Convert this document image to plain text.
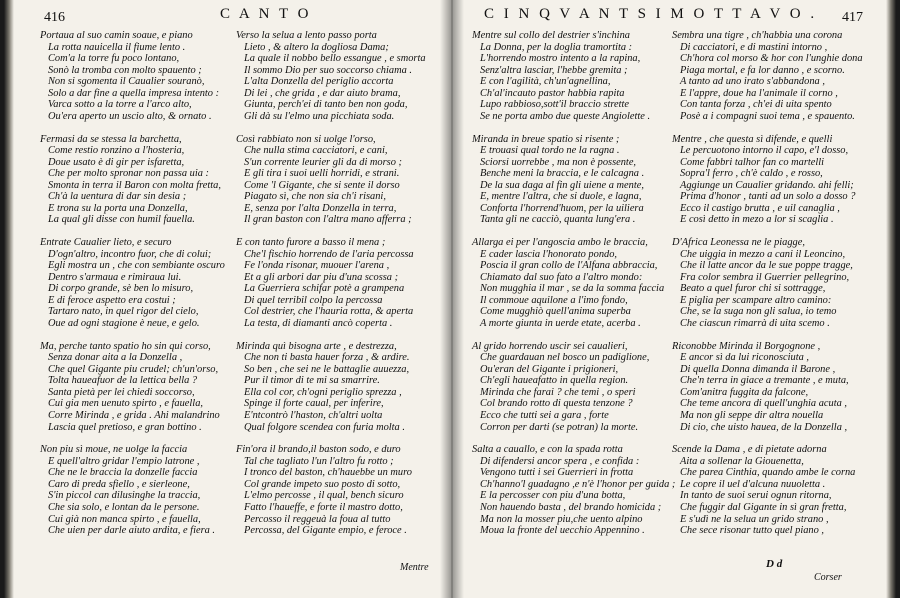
416	C A N T O
Portaua al suo camin soaue, e piano
La rotta nauicella il fiume lento .
Com'a la torre fu poco lontano,
Sonò la tromba con molto spauento ;
Non si sgomenta il Caualier souranò,
Solo a dar fine a quella impresa intento :
Varca sotto a la torre a l'arco alto,
Ou'era aperto un uscio alto, & ornato .
Fermasi da se stessa la barchetta,
Come restio ronzino a l'hosteria,
Doue usato è di gir per isfaretta,
Che per molto spronar non passa uia :
Smonta in terra il Baron con molta fretta,
Ch'à la uentura di dar sin desia ;
E trona su la porta una Donzella,
La qual gli disse con humil fauella.
Entrate Caualier lieto, e securo
D'ogn'altro, incontro fuor, che di colui;
Egli mostra un , che con sembiante oscuro
Dentro s'armaua e rimiraua lui.
Di corpo grande, sè ben lo misuro,
E di feroce aspetto era costui ;
Tartaro nato, in quel rigor del cielo,
Oue ad ogni stagione è neue, e gelo.
Ma, perche tanto spatio ho sin qui corso,
Senza donar aita a la Donzella ,
Che quel Gigante piu crudel; ch'un'orso,
Tolta haueafuor de la lettica bella ?
Santa pietà per lei chiedi soccorso,
Cui gia men uenuto spirto , e fauella,
Corre Mirinda , e grida . Ahi malandrino
Lascia quel pretioso, e gran bottino .
Non piu sì moue, ne uolge la faccia
E quell'altro gridar l'empio latrone ,
Che ne le braccia la donzelle faccia
Caro di preda sfiello , e sierleone,
S'in piccol can dilusinghe la traccia,
Che sia solo, e lontan da le persone.
Cui già non manca spirto , e fauella,
Che uien per darle aiuto ardita, e fiera .
Verso la selua a lento passo porta
Lieto , & altero la dogliosa Dama;
La quale il nobbo bello essangue , e smorta
Il sommo Dio per suo soccorso chiama .
L'alta Donzella del periglio accorta
Di lei , che grida , e dar aiuto brama,
Giunta, perch'ei di tanto ben non goda,
Gli dà su l'elmo una picchiata soda.
Così rabbiato non si uolge l'orso,
Che nulla stima cacciatori, e cani,
S'un corrente leurier gli da di morso ;
E gli tira i suoi uelli horridi, e strani.
Come 'l Gigante, che si sente il dorso
Piagato sì, che non sia ch'i risani,
E, senza por l'alta Donzella in terra,
Il gran baston con l'altra mano afferra ;
E con tanto furore a basso il mena ;
Che'l fischio horrendo de l'aria percossa
Fe l'onda risonar, muouer l'arena ,
Et a gli arbori dar piu d'una scossa ;
La Guerriera schifar potè a grampena
Di quel terribil colpo la percossa
Col destrier, che l'hauria rotta, & aperta
La testa, di diamanti ancò coperta .
Mirinda quì bisogna arte , e destrezza,
Che non ti basta hauer forza , & ardire.
So ben , che sei ne le battaglie auuezza,
Pur il timor di te mi sa smarrire.
Ella col cor, ch'ogni periglio sprezza ,
Spinge il forte caual, per inferire,
E'ntcontrò l'haston, ch'altri uolta
Qual folgore scendea con furia molta .
Fin'ora il brando,il baston sodo, e duro
Tal che tagliato l'un l'altro fu rotto ;
I tronco del baston, ch'hauebbe un muro
Col grande impeto suo posto di sotto,
L'elmo percosse , il qual, bench sicuro
Fatto l'haueffe, e forte il mastro dotto,
Percosso il reggeuà la foua al tutto
Percossa, del Gigante empio, e feroce .
Mentre
C I N Q V A N T S I M O T T A V O . 417
Mentre sul collo del destrier s'inchina
La Donna, per la doglia tramortita :
L'horrendo mostro intento a la rapina,
Senz'altra lasciar, l'hebbe gremita ;
E con l'agilità, ch'un'agnellina,
Ch'al'incauto pastor habbia rapita
Lupo rabbioso,sott'il braccio strette
Se ne porta ambo due queste Angiolette .
Miranda in breue spatio si risente ;
E trouasi qual tordo ne la ragna .
Sciorsi uorrebbe , ma non è possente,
Benche meni la braccia, e le calcagna .
De la sua daga al fin gli uiene a mente,
E, mentre l'altra, che si duole, e lagna,
Conforta l'horrend'huom, per la uiliera
Tanta gli ne cacciò, quanta lung'era .
Allarga ei per l'angoscia ambo le braccia,
E cader lascia l'honorato pondo,
Poscia il gran collo de l'Alfana abbraccia,
Chiamato dal suo fato a l'altro mondo:
Non mugghia il mar , se da la somma faccia
Il commoue aquilone a l'imo fondo,
Come mugghiò quell'anima superba
A morte giunta in uerde etate, acerba .
Al grido horrendo uscir sei caualieri,
Che guardauan nel bosco un padiglione,
Ou'eran del Gigante i prigioneri,
Ch'egli haueafatto in quella region.
Mirinda che farai ? che temi , o speri
Col brando rotto di questa tenzone ?
Ecco che tutti sei a gara , forte
Corron per darti (se potran) la morte.
Salta a cauallo, e con la spada rotta
Di difendersi ancor spera , e confida :
Vengono tutti i sei Guerrieri in frotta
Ch'hanno'l guadagno ,e n'è l'honor per guida ;
E la percosser con piu d'una botta,
Non hauendo basta , del brando homicida ;
Ma non la mosser piu,che uento alpino
Moua la fronte del uecchio Appennino .
Sembra una tigre , ch'habbia una corona
Di cacciatori, e di mastini intorno ,
Ch'hora col morso & hor con l'unghie dona
Piaga mortal, e fa lor danno , e scorno.
A tanto ad uno irato s'abbandona ,
E l'appre, doue ha l'animale il corno ,
Con tanta forza , ch'ei di uita spento
Posè a i compagni suoi tema , e spauento.
Mentre , che questa sì difende, e quelli
Le percuotono intorno il capo, e'l dosso,
Come fabbri talhor fan co martelli
Sopra'l ferro , ch'è caldo , e rosso,
Aggiunge un Caualier gridando. ahi felli;
Prima d'honor , tanti ad un solo a dosso ?
Ecco il castigo brutta , e uil canaglia ,
E così detto in mezo a lor si scaglia .
D'Africa Leonessa ne le piagge,
Che uiggia in mezzo a cani il Leoncino,
Che il latte ancor da le sue poppe tragge,
Fra color sembra il Guerrier pellegrino,
Beato a quel furor chi si sottragge,
E piglia per scampare altro camino:
Che, se la suga non gli salua, io temo
Che ciascun rimarrà di uita scemo .
Riconobbe Mirinda il Borgognone ,
E ancor sì da lui riconosciuta ,
Di quella Donna dimanda il Barone ,
Che'n terra in giace a tremante , e muta,
Com'anitra fuggita da falcone,
Che teme ancora di quell'unghia acuta ,
Ma non gli seppe dir altra nouella
Di cio, che uisto hauea, de la Donzella ,
Scende la Dama , e di pietate adorna
Aita a sollenar la Giouenetta,
Che parea Cinthia, quando ambe le corna
Le copre il uel d'alcuna nuuoletta .
In tanto de suoi serui ognun ritorna,
Che fuggir dal Gigante in sì gran fretta,
E s'udì ne la selua un grido strano ,
Che sece risonar tutto quel piano ,
D d
Corser
